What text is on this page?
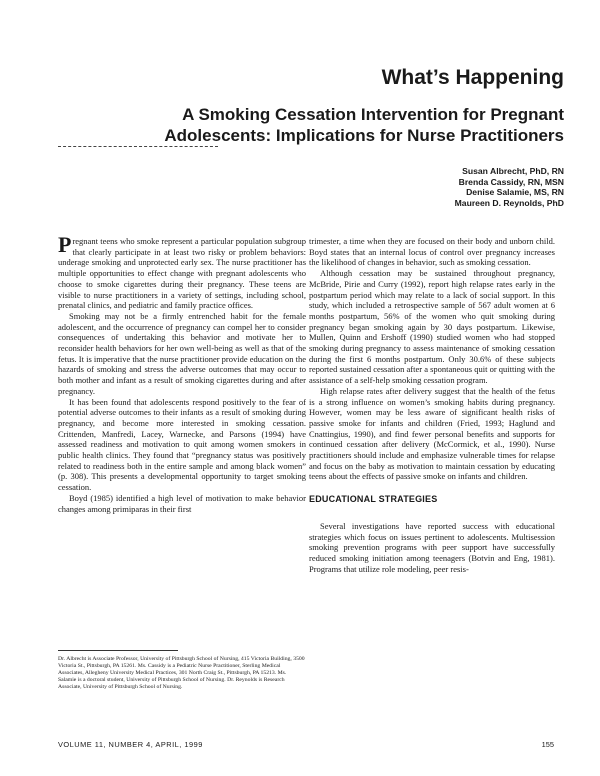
What’s Happening
A Smoking Cessation Intervention for Pregnant
Adolescents: Implications for Nurse Practitioners
Susan Albrecht, PhD, RN
Brenda Cassidy, RN, MSN
Denise Salamie, MS, RN
Maureen D. Reynolds, PhD

Pregnant teens who smoke represent a particular population subgroup that clearly participate in at least two risky or problem behaviors: underage smoking and unprotected early sex. The nurse practitioner has multiple opportunities to effect change with pregnant adolescents who choose to smoke cigarettes during their pregnancy. These teens are visible to nurse practitioners in a variety of settings, including school, prenatal clinics, and pediatric and family practice offices.

Smoking may not be a firmly entrenched habit for the female adolescent, and the occurrence of pregnancy can compel her to consider consequences of undertaking this behavior and motivate her to reconsider health behaviors for her own well-being as well as that of the fetus. It is imperative that the nurse practitioner provide education on the hazards of smoking and stress the adverse outcomes that may occur to both mother and infant as a result of smoking cigarettes during and after pregnancy.

It has been found that adolescents respond positively to the fear of potential adverse outcomes to their infants as a result of smoking during pregnancy, and become more interested in smoking cessation. Crittenden, Manfredi, Lacey, Warnecke, and Parsons (1994) have assessed readiness and motivation to quit among women smokers in public health clinics. They found that “pregnancy status was positively related to readiness both in the entire sample and among black women” (p. 308). This presents a developmental opportunity to target smoking cessation.

Boyd (1985) identified a high level of motivation to make behavior changes among primiparas in their first

Dr. Albrecht is Associate Professor, University of Pittsburgh School of Nursing, 415 Victoria Building, 3500 Victoria St., Pittsburgh, PA 15261. Ms. Cassidy is a Pediatric Nurse Practitioner, Sterling Medical Associates, Allegheny University Medical Practices, 301 North Craig St., Pittsburgh, PA 15213. Ms. Salamie is a doctoral student, University of Pittsburgh School of Nursing. Dr. Reynolds is Research Associate, University of Pittsburgh School of Nursing.

trimester, a time when they are focused on their body and unborn child. Boyd states that an internal locus of control over pregnancy increases the likelihood of changes in behavior, such as smoking cessation.

Although cessation may be sustained throughout pregnancy, McBride, Pirie and Curry (1992), report high relapse rates early in the postpartum period which may relate to a lack of social support. In this study, which included a retrospective sample of 567 adult women at 6 months postpartum, 56% of the women who quit smoking during pregnancy began smoking again by 30 days postpartum. Likewise, Mullen, Quinn and Ershoff (1990) studied women who had stopped smoking during pregnancy to assess maintenance of smoking cessation during the first 6 months postpartum. Only 30.6% of these subjects reported sustained cessation after a spontaneous quit or quitting with the assistance of a self-help smoking cessation program.

High relapse rates after delivery suggest that the health of the fetus is a strong influence on women’s smoking habits during pregnancy. However, women may be less aware of significant health risks of passive smoke for infants and children (Fried, 1993; Haglund and Cnattingius, 1990), and find fewer personal benefits and supports for continued cessation after delivery (McCormick, et al., 1990). Nurse practitioners should include and emphasize vulnerable times for relapse and focus on the baby as motivation to maintain cessation by educating teens about the effects of passive smoke on infants and children.

EDUCATIONAL STRATEGIES

Several investigations have reported success with educational strategies which focus on issues pertinent to adolescents. Multisession smoking prevention programs with peer support have successfully reduced smoking initiation among teenagers (Botvin and Eng, 1981). Programs that utilize role modeling, peer resis-

VOLUME 11, NUMBER 4, APRIL, 1999	155
